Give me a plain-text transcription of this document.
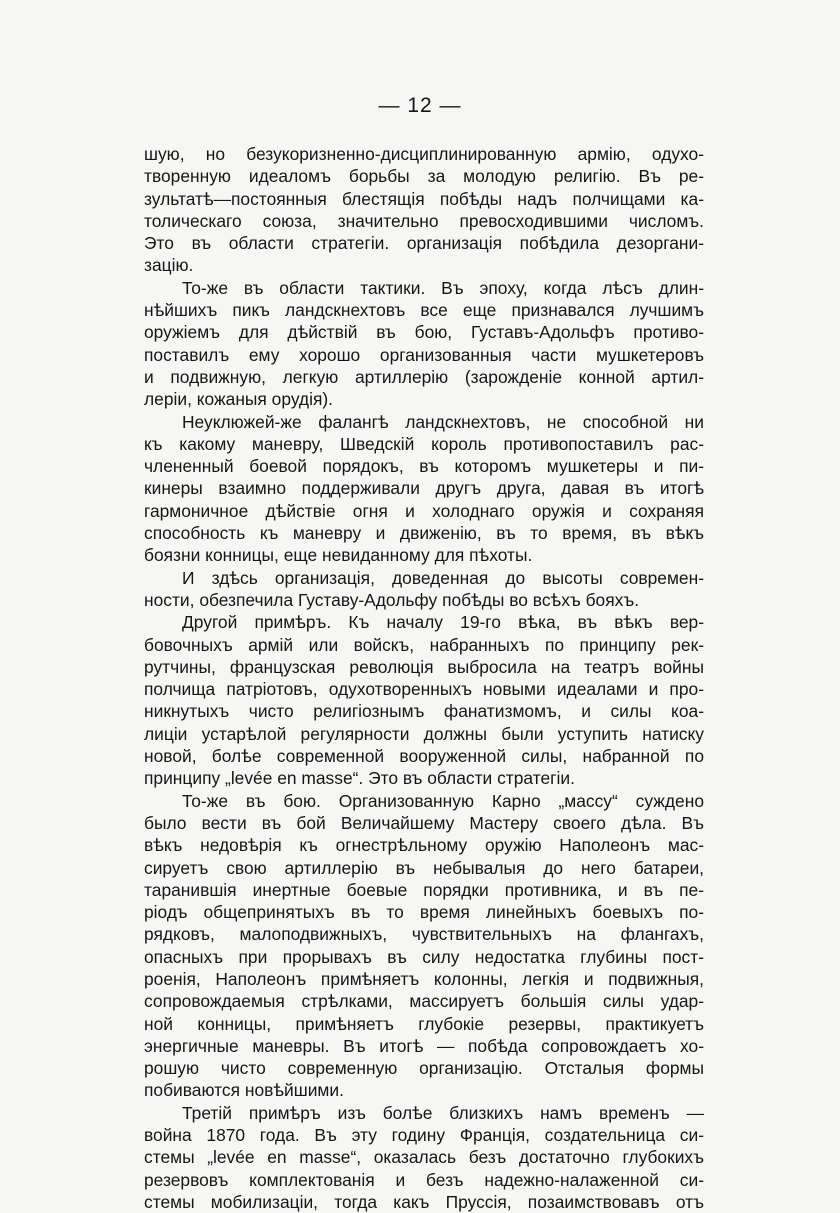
— 12 —
шую, но безукоризненно-дисциплинированную армію, одухо-
творенную идеаломъ борьбы за молодую религію. Въ ре-
зультатѣ—постоянныя блестящія побѣды надъ полчищами ка-
толическаго союза, значительно превосходившими числомъ.
Это въ области стратегіи. организація побѣдила дезоргани-
зацію.
То-же въ области тактики. Въ эпоху, когда лѣсъ длин-
нѣйшихъ пикъ ландскнехтовъ все еще признавался лучшимъ
оружіемъ для дѣйствій въ бою, Густавъ-Адольфъ противо-
поставилъ ему хорошо организованныя части мушкетеровъ
и подвижную, легкую артиллерію (зарожденіе конной артил-
леріи, кожаныя орудія).
Неуклюжей-же фалангѣ ландскнехтовъ, не способной ни
къ какому маневру, Шведскій король противопоставилъ рас-
члененный боевой порядокъ, въ которомъ мушкетеры и пи-
кинеры взаимно поддерживали другъ друга, давая въ итогѣ
гармоничное дѣйствіе огня и холоднаго оружія и сохраняя
способность къ маневру и движенію, въ то время, въ вѣкъ
боязни конницы, еще невиданному для пѣхоты.
И здѣсь организація, доведенная до высоты современ-
ности, обезпечила Густаву-Адольфу побѣды во всѣхъ бояхъ.
Другой примѣръ. Къ началу 19-го вѣка, въ вѣкъ вер-
бовочныхъ армій или войскъ, набранныхъ по принципу рек-
рутчины, французская революція выбросила на театръ войны
полчища патріотовъ, одухотворенныхъ новыми идеалами и про-
никнутыхъ чисто религіознымъ фанатизмомъ, и силы коа-
лиціи устарѣлой регулярности должны были уступить натиску
новой, болѣе современной вооруженной силы, набранной по
принципу „levée en masse“. Это въ области стратегіи.
То-же въ бою. Организованную Карно „массу“ суждено
было вести въ бой Величайшему Мастеру своего дѣла. Въ
вѣкъ недовѣрія къ огнестрѣльному оружію Наполеонъ мас-
сируетъ свою артиллерію въ небывалыя до него батареи,
таранившія инертные боевые порядки противника, и въ пе-
ріодъ общепринятыхъ въ то время линейныхъ боевыхъ по-
рядковъ, малоподвижныхъ, чувствительныхъ на флангахъ,
опасныхъ при прорывахъ въ силу недостатка глубины пост-
роенія, Наполеонъ примѣняетъ колонны, легкія и подвижныя,
сопровождаемыя стрѣлками, массируетъ большія силы удар-
ной конницы, примѣняетъ глубокіе резервы, практикуетъ
энергичные маневры. Въ итогѣ — побѣда сопровождаетъ хо-
рошую чисто современную организацію. Отсталыя формы
побиваются новѣйшими.
Третій примѣръ изъ болѣе близкихъ намъ временъ —
война 1870 года. Въ эту годину Франція, создательница си-
стемы „levée en masse“, оказалась безъ достаточно глубокихъ
резервовъ комплектованія и безъ надежно-налаженной си-
стемы мобилизаціи, тогда какъ Пруссія, позаимствовавъ отъ
